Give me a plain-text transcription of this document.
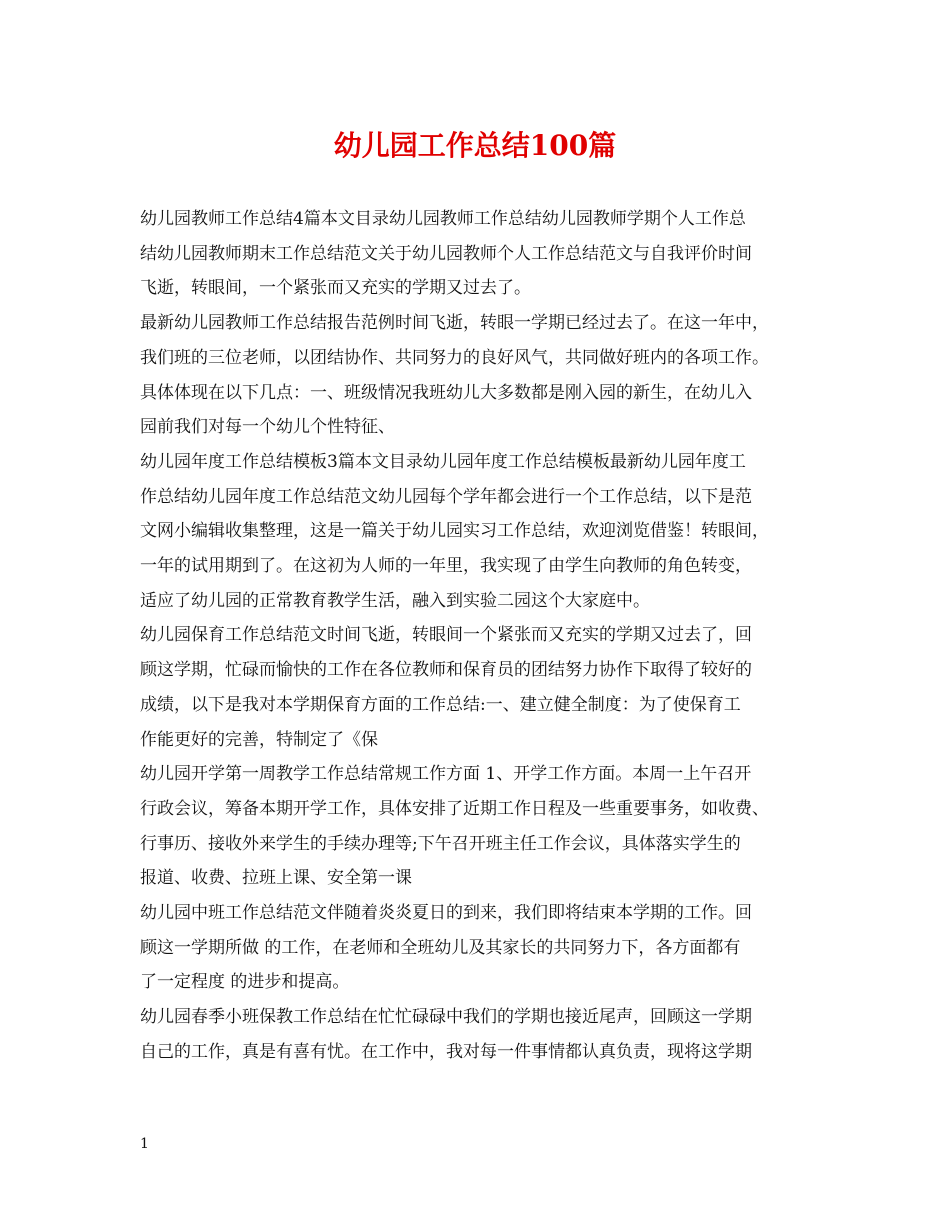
幼儿园工作总结100篇

幼儿园教师工作总结4篇本文目录幼儿园教师工作总结幼儿园教师学期个人工作总
结幼儿园教师期末工作总结范文关于幼儿园教师个人工作总结范文与自我评价时间
飞逝，转眼间，一个紧张而又充实的学期又过去了。

最新幼儿园教师工作总结报告范例时间飞逝，转眼一学期已经过去了。在这一年中，
我们班的三位老师，以团结协作、共同努力的良好风气，共同做好班内的各项工作。
具体体现在以下几点：一、班级情况我班幼儿大多数都是刚入园的新生，在幼儿入
园前我们对每一个幼儿个性特征、

幼儿园年度工作总结模板3篇本文目录幼儿园年度工作总结模板最新幼儿园年度工
作总结幼儿园年度工作总结范文幼儿园每个学年都会进行一个工作总结，以下是范
文网小编辑收集整理，这是一篇关于幼儿园实习工作总结，欢迎浏览借鉴！转眼间，
一年的试用期到了。在这初为人师的一年里，我实现了由学生向教师的角色转变，
适应了幼儿园的正常教育教学生活，融入到实验二园这个大家庭中。

幼儿园保育工作总结范文时间飞逝，转眼间一个紧张而又充实的学期又过去了，回
顾这学期，忙碌而愉快的工作在各位教师和保育员的团结努力协作下取得了较好的
成绩，以下是我对本学期保育方面的工作总结:一、建立健全制度：为了使保育工
作能更好的完善，特制定了《保

幼儿园开学第一周教学工作总结常规工作方面 1、开学工作方面。本周一上午召开
行政会议，筹备本期开学工作，具体安排了近期工作日程及一些重要事务，如收费、
行事历、接收外来学生的手续办理等;下午召开班主任工作会议，具体落实学生的
报道、收费、拉班上课、安全第一课

幼儿园中班工作总结范文伴随着炎炎夏日的到来，我们即将结束本学期的工作。回
顾这一学期所做 的工作，在老师和全班幼儿及其家长的共同努力下，各方面都有
了一定程度 的进步和提高。

幼儿园春季小班保教工作总结在忙忙碌碌中我们的学期也接近尾声，回顾这一学期
自己的工作，真是有喜有忧。在工作中，我对每一件事情都认真负责，现将这学期

1
